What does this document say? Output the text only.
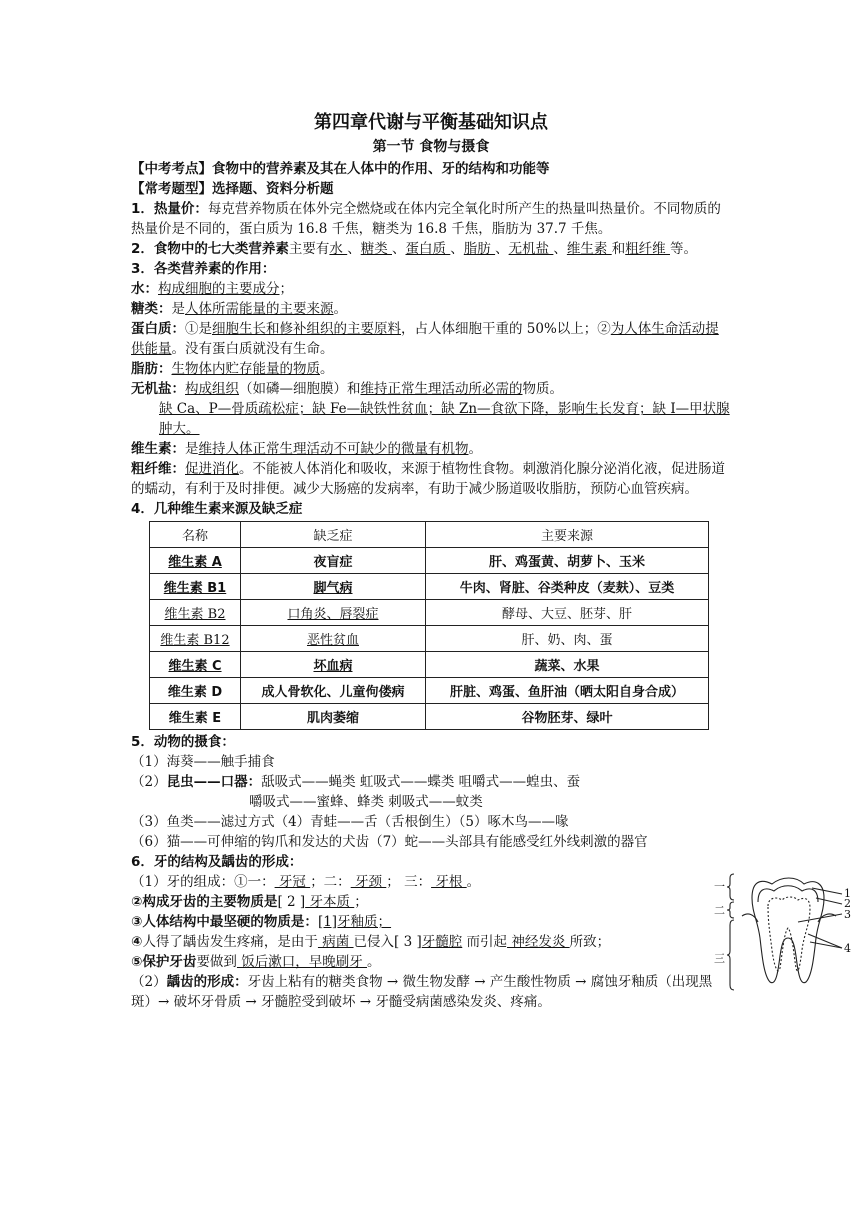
第四章代谢与平衡基础知识点
第一节 食物与摄食

【中考考点】食物中的营养素及其在人体中的作用、牙的结构和功能等

【常考题型】选择题、资料分析题

1．热量价：每克营养物质在体外完全燃烧或在体内完全氧化时所产生的热量叫热量价。不同物质的热量价是不同的，蛋白质为 16.8 千焦，糖类为 16.8 千焦，脂肪为 37.7 千焦。

2．食物中的七大类营养素主要有水 、糖类 、蛋白质 、脂肪 、无机盐 、维生素 和粗纤维 等。

3．各类营养素的作用：

水：构成细胞的主要成分；

糖类：是人体所需能量的主要来源。

蛋白质：①是细胞生长和修补组织的主要原料，占人体细胞干重的 50%以上；②为人体生命活动提供能量。没有蛋白质就没有生命。

脂肪：生物体内贮存能量的物质。

无机盐：构成组织（如磷—细胞膜）和维持正常生理活动所必需的物质。

缺 Ca、P—骨质疏松症；缺 Fe—缺铁性贫血；缺 Zn—食欲下降，影响生长发育；缺 I—甲状腺肿大。

维生素：是维持人体正常生理活动不可缺少的微量有机物。

粗纤维：促进消化。不能被人体消化和吸收，来源于植物性食物。刺激消化腺分泌消化液，促进肠道的蠕动，有利于及时排便。减少大肠癌的发病率，有助于减少肠道吸收脂肪，预防心血管疾病。

4．几种维生素来源及缺乏症

名称	缺乏症	主要来源
维生素 A	夜盲症	肝、鸡蛋黄、胡萝卜、玉米
维生素 B1	脚气病	牛肉、肾脏、谷类种皮（麦麸）、豆类
维生素 B2	口角炎、唇裂症	酵母、大豆、胚芽、肝
维生素 B12	恶性贫血	肝、奶、肉、蛋
维生素 C	坏血病	蔬菜、水果
维生素 D	成人骨软化、儿童佝偻病	肝脏、鸡蛋、鱼肝油（晒太阳自身合成）
维生素 E	肌肉萎缩	谷物胚芽、绿叶

5．动物的摄食：

（1）海葵——触手捕食

（2）昆虫——口器：舐吸式——蝇类 虹吸式——蝶类 咀嚼式——蝗虫、蚕

嚼吸式——蜜蜂、蜂类 刺吸式——蚊类

（3）鱼类——滤过方式（4）青蛙——舌（舌根倒生）（5）啄木鸟——喙

（6）猫——可伸缩的钩爪和发达的犬齿（7）蛇——头部具有能感受红外线刺激的器官

6．牙的结构及龋齿的形成：

（1）牙的组成：①一： 牙冠 ；二： 牙颈 ； 三： 牙根 。

②构成牙齿的主要物质是[ 2 ] 牙本质 ；

③人体结构中最坚硬的物质是：[1]牙釉质；

④人得了龋齿发生疼痛，是由于 病菌 已侵入[ 3 ]牙髓腔 而引起 神经发炎 所致；

⑤保护牙齿要做到 饭后漱口，早晚刷牙 。

（2）龋齿的形成：牙齿上粘有的糖类食物 → 微生物发酵 → 产生酸性物质 → 腐蚀牙釉质（出现黑斑）→ 破坏牙骨质 → 牙髓腔受到破坏 → 牙髓受病菌感染发炎、疼痛。

一
二
三
1
2
3
4
